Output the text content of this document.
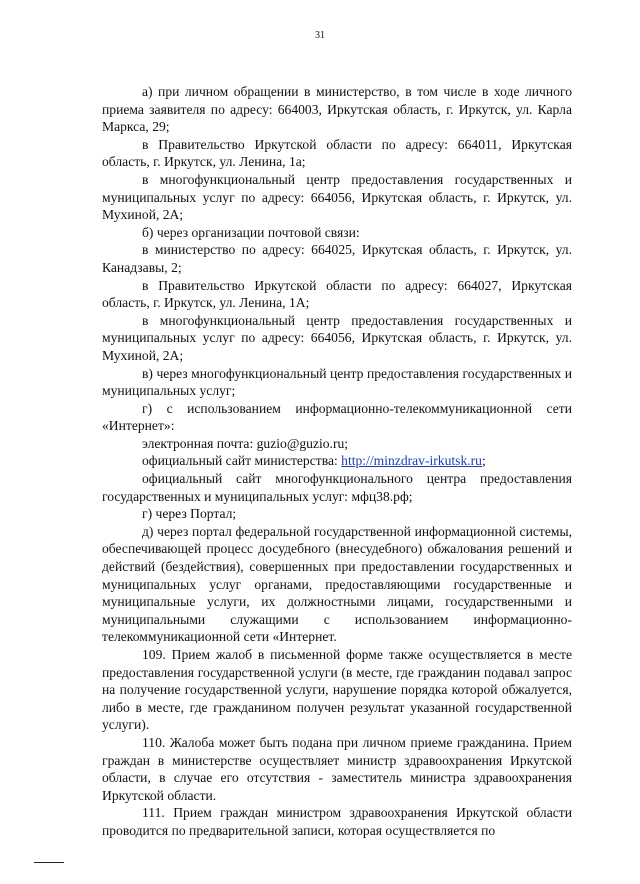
31

а) при личном обращении в министерство, в том числе в ходе личного приема заявителя по адресу: 664003, Иркутская область, г. Иркутск, ул. Карла Маркса, 29;

в Правительство Иркутской области по адресу: 664011, Иркутская область, г. Иркутск, ул. Ленина, 1а;

в многофункциональный центр предоставления государственных и муниципальных услуг по адресу: 664056, Иркутская область, г. Иркутск, ул. Мухиной, 2А;

б) через организации почтовой связи:

в министерство по адресу: 664025, Иркутская область, г. Иркутск, ул. Канадзавы, 2;

в Правительство Иркутской области по адресу: 664027, Иркутская область, г. Иркутск, ул. Ленина, 1А;

в многофункциональный центр предоставления государственных и муниципальных услуг по адресу: 664056, Иркутская область, г. Иркутск, ул. Мухиной, 2А;

в) через многофункциональный центр предоставления государственных и муниципальных услуг;

г) с использованием информационно-телекоммуникационной сети «Интернет»:

электронная почта: guzio@guzio.ru;

официальный сайт министерства: http://minzdrav-irkutsk.ru;

официальный сайт многофункционального центра предоставления государственных и муниципальных услуг: мфц38.рф;

г) через Портал;

д) через портал федеральной государственной информационной системы, обеспечивающей процесс досудебного (внесудебного) обжалования решений и действий (бездействия), совершенных при предоставлении государственных и муниципальных услуг органами, предоставляющими государственные и муниципальные услуги, их должностными лицами, государственными и муниципальными служащими с использованием информационно-телекоммуникационной сети «Интернет.

109. Прием жалоб в письменной форме также осуществляется в месте предоставления государственной услуги (в месте, где гражданин подавал запрос на получение государственной услуги, нарушение порядка которой обжалуется, либо в месте, где гражданином получен результат указанной государственной услуги).

110. Жалоба может быть подана при личном приеме гражданина. Прием граждан в министерстве осуществляет министр здравоохранения Иркутской области, в случае его отсутствия - заместитель министра здравоохранения Иркутской области.

111. Прием граждан министром здравоохранения Иркутской области проводится по предварительной записи, которая осуществляется по
